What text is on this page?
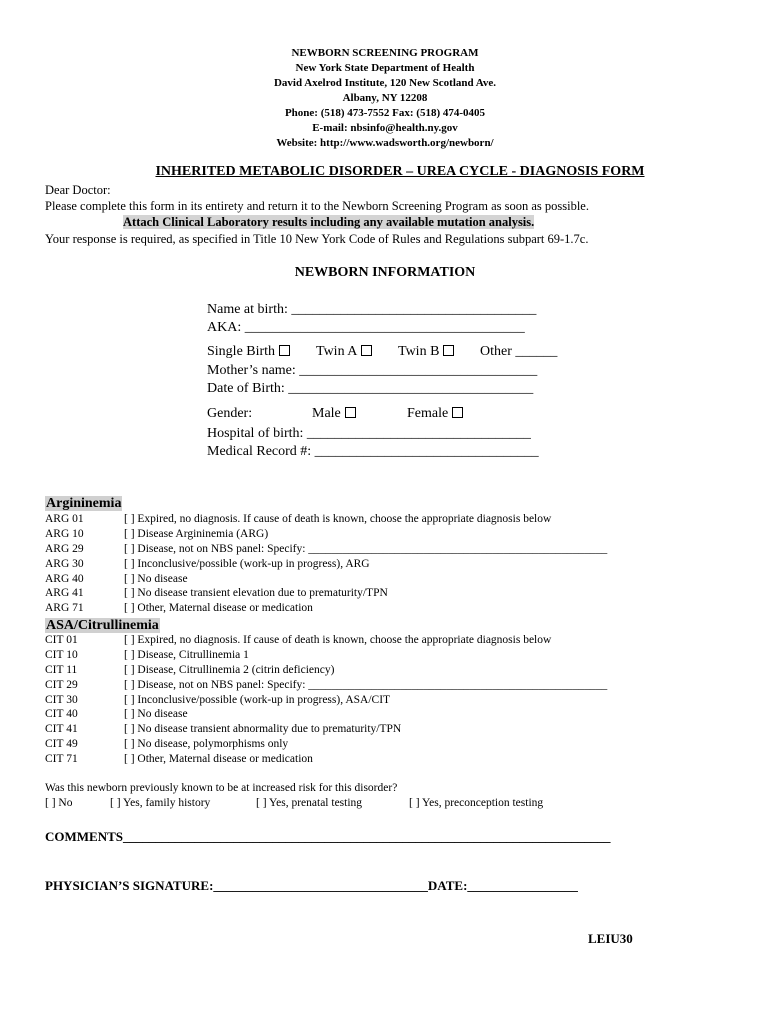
NEWBORN SCREENING PROGRAM
New York State Department of Health
David Axelrod Institute, 120 New Scotland Ave.
Albany, NY 12208
Phone: (518) 473-7552 Fax: (518) 474-0405
E-mail: nbsinfo@health.ny.gov
Website: http://www.wadsworth.org/newborn/
INHERITED METABOLIC DISORDER – UREA CYCLE - DIAGNOSIS FORM
Dear Doctor:
Please complete this form in its entirety and return it to the Newborn Screening Program as soon as possible.
Attach Clinical Laboratory results including any available mutation analysis.
Your response is required, as specified in Title 10 New York Code of Rules and Regulations subpart 69-1.7c.
NEWBORN INFORMATION
Name at birth: ___________________________________
AKA: ________________________________________
Single Birth	Twin A	Twin B	Other ______
Mother’s name: __________________________________
Date of Birth: ___________________________________
Gender:	Male	Female
Hospital of birth: ________________________________
Medical Record #: ________________________________
Argininemia
ARG 01	[ ] Expired, no diagnosis. If cause of death is known, choose the appropriate diagnosis below
ARG 10	[ ] Disease Argininemia (ARG)
ARG 29	[ ] Disease, not on NBS panel: Specify: ____________________________________________________
ARG 30	[ ] Inconclusive/possible (work-up in progress), ARG
ARG 40	[ ] No disease
ARG 41	[ ] No disease transient elevation due to prematurity/TPN
ARG 71	[ ] Other, Maternal disease or medication
ASA/Citrullinemia
CIT 01	[ ] Expired, no diagnosis. If cause of death is known, choose the appropriate diagnosis below
CIT 10	[ ] Disease, Citrullinemia 1
CIT 11	[ ] Disease, Citrullinemia 2 (citrin deficiency)
CIT 29	[ ] Disease, not on NBS panel: Specify: ____________________________________________________
CIT 30	[ ] Inconclusive/possible (work-up in progress), ASA/CIT
CIT 40	[ ] No disease
CIT 41	[ ] No disease transient abnormality due to prematurity/TPN
CIT 49	[ ] No disease, polymorphisms only
CIT 71	[ ] Other, Maternal disease or medication
Was this newborn previously known to be at increased risk for this disorder?
[ ] No	[ ] Yes, family history	[ ] Yes, prenatal testing	[ ] Yes, preconception testing
COMMENTS___________________________________________________________________________
PHYSICIAN’S SIGNATURE:_________________________________DATE:_________________
LEIU30
